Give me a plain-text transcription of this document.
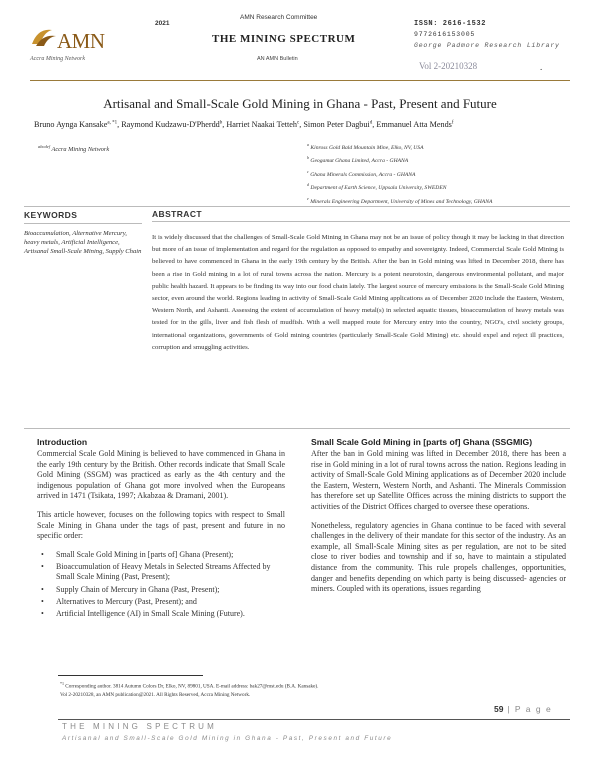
AMN
Accra Mining Network
2021
AMN Research Committee
THE MINING SPECTRUM
AN AMN Bulletin
ISSN: 2616-1532
9772616153005
George Padmore Research Library
Vol 2-20210328	.
Artisanal and Small-Scale Gold Mining in Ghana - Past, Present and Future
Bruno Aynga Kansake$^{a, *1}$, Raymond Kudzawu-D'Pherdd$^b$, Harriet Naakai Tetteh$^c$, Simon Peter Dagbui$^d$, Emmanuel Atta Mends$^f$
$^{abcdef}$ Accra Mining Network
$^a$ Kinross Gold Bald Mountain Mine, Elko, NV, USA
$^b$ Geogamut Ghana Limited, Accra - GHANA
$^c$ Ghana Minerals Commission, Accra - GHANA
$^d$ Department of Earth Science, Uppsala University, SWEDEN
$^e$ Minerals Engineering Department, University of Mines and Technology, GHANA
KEYWORDS	ABSTRACT
Bioaccumulation, Alternative Mercury, heavy metals, Artificial Intelligence, Artisanal Small-Scale Mining, Supply Chain
It is widely discussed that the challenges of Small-Scale Gold Mining in Ghana may not be an issue of policy though it may be lacking in that direction but more of an issue of implementation and regard for the regulation as opposed to empathy and sovereignty. Indeed, Commercial Scale Gold Mining is believed to have commenced in Ghana in the early 19th century by the British. After the ban in Gold mining was lifted in December 2018, there has been a rise in Gold mining in a lot of rural towns across the nation. Mercury is a potent neurotoxin, dangerous environmental pollutant, and major public health hazard. It appears to be finding its way into our food chain lately. The largest source of mercury emissions is the Small-Scale Gold Mining sector, even around the world. Regions leading in activity of Small-Scale Gold Mining applications as of December 2020 include the Eastern, Western, Western North, and Ashanti. Assessing the extent of accumulation of heavy metal(s) in selected aquatic tissues, bioaccumulation of heavy metals was tested for in the gills, liver and fish flesh of mudfish. With a well mapped route for Mercury entry into the country, NGO's, civil society groups, international organizations, governments of Gold mining countries (particularly Small-Scale Gold Mining) etc. should expel and reject ill practices, corruption and smuggling activities.
Introduction

Commercial Scale Gold Mining is believed to have commenced in Ghana in the early 19th century by the British. Other records indicate that Small Scale Gold Mining (SSGM) was practiced as early as the 4th century and the indigenous population of Ghana got more involved when the Europeans arrived in 1471 (Tsikata, 1997; Akabzaa & Dramani, 2001).

This article however, focuses on the following topics with respect to Small Scale Mining in Ghana under the tags of past, present and future in no specific order:

• Small Scale Gold Mining in [parts of] Ghana (Present);
• Bioaccumulation of Heavy Metals in Selected Streams Affected by Small Scale Mining (Past, Present);
• Supply Chain of Mercury in Ghana (Past, Present);
• Alternatives to Mercury (Past, Present); and
• Artificial Intelligence (AI) in Small Scale Mining (Future).
Small Scale Gold Mining in [parts of] Ghana (SSGMIG)

After the ban in Gold mining was lifted in December 2018, there has been a rise in Gold mining in a lot of rural towns across the nation. Regions leading in activity of Small-Scale Gold Mining applications as of December 2020 include the Eastern, Western, Western North, and Ashanti. The Minerals Commission has therefore set up Satellite Offices across the mining districts to support the activities of the District Offices charged to oversee these operations.

Nonetheless, regulatory agencies in Ghana continue to be faced with several challenges in the delivery of their mandate for this sector of the industry. As an example, all Small-Scale Mining sites as per regulation, are not to be sited close to river bodies and township and if so, have to maintain a stipulated distance from the community. This rule propels challenges, opportunities, danger and benefits depending on which party is being discussed- agencies or miners. Coupled with its operations, issues regarding

$^{*1}$ Corresponding author. 3814 Autumn Colors Dr, Elko, NV, 89801, USA. E-mail address: bak27@mst.edu (B.A. Kansake).
Vol 2-20210328, an AMN publication@2021. All Rights Reserved, Accra Mining Network.
59 | P a g e
THE MINING SPECTRUM
Artisanal and Small-Scale Gold Mining in Ghana - Past, Present and Future
